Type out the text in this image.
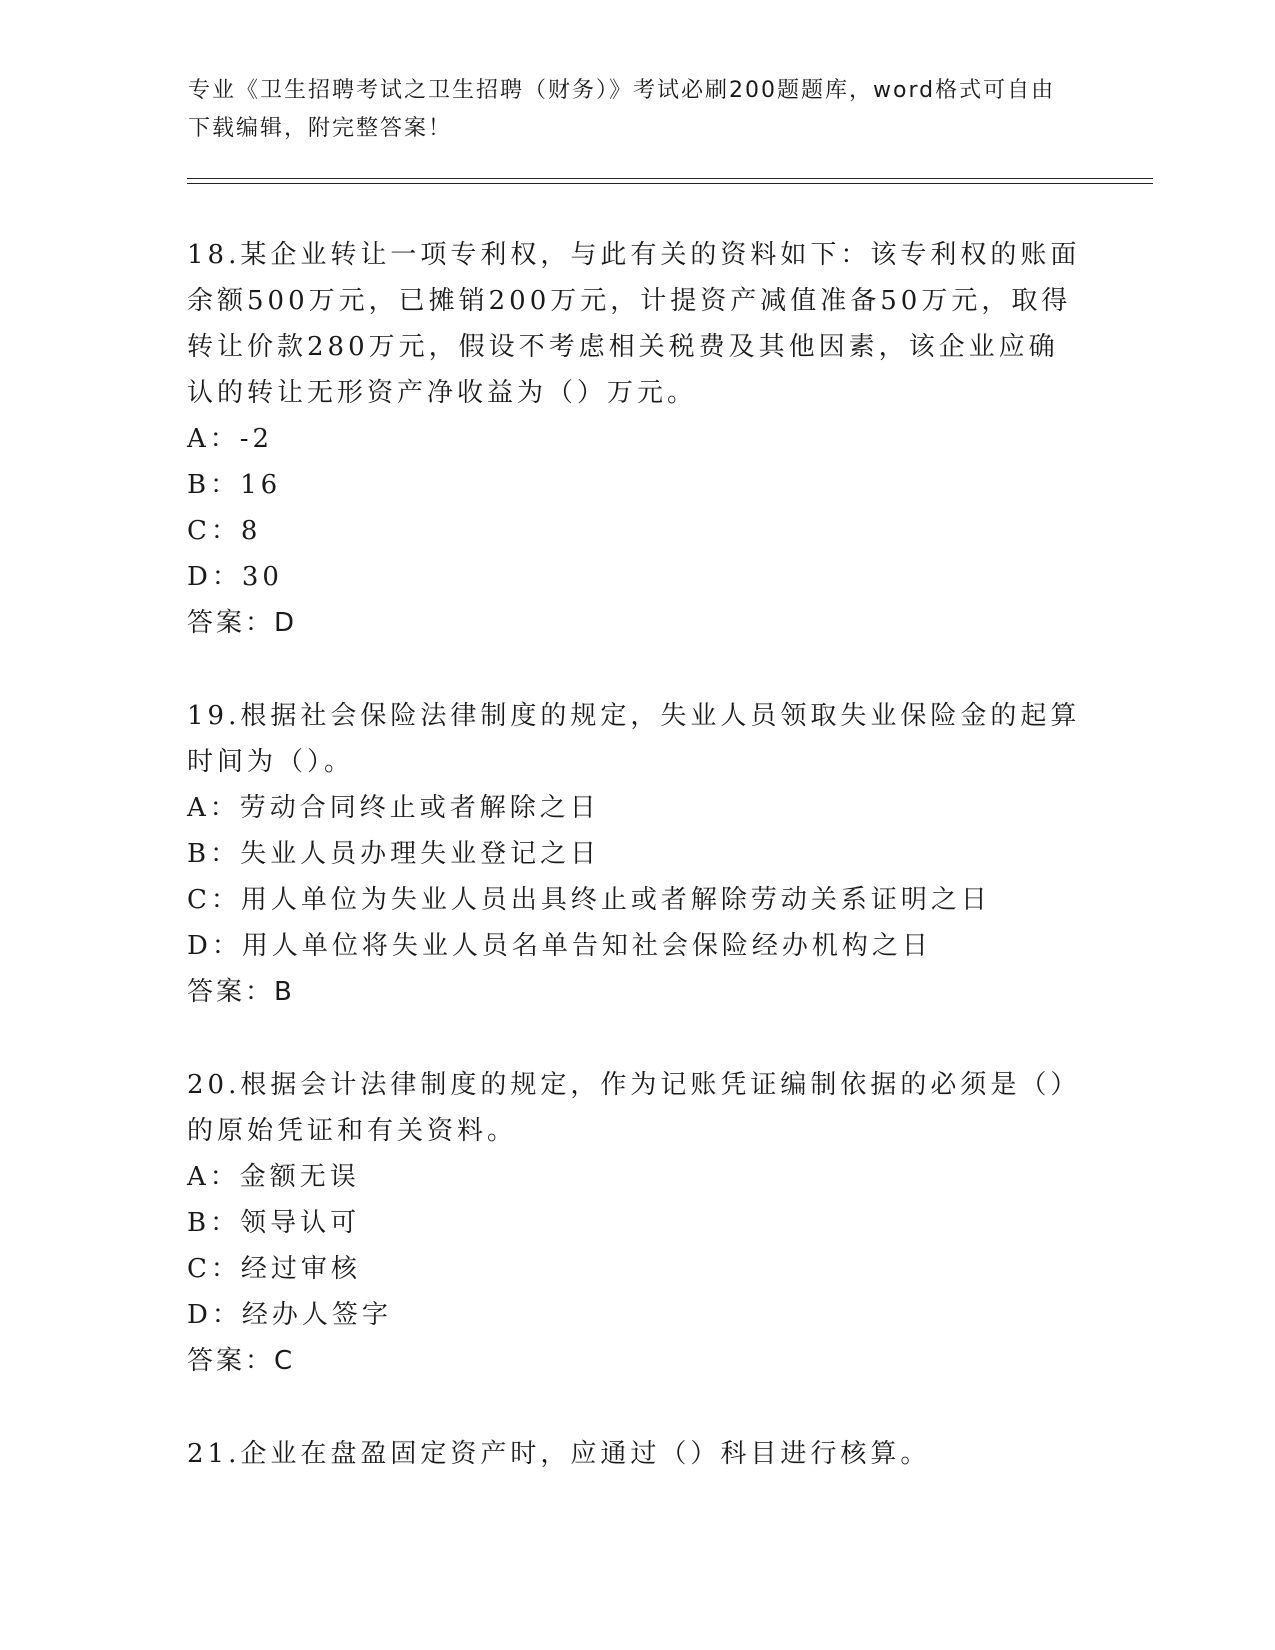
专业《卫生招聘考试之卫生招聘（财务）》考试必刷200题题库，word格式可自由下载编辑，附完整答案！
18.某企业转让一项专利权，与此有关的资料如下：该专利权的账面余额500万元，已摊销200万元，计提资产减值准备50万元，取得转让价款280万元，假设不考虑相关税费及其他因素，该企业应确认的转让无形资产净收益为（）万元。
A：-2
B：16
C：8
D：30
答案：D
19.根据社会保险法律制度的规定，失业人员领取失业保险金的起算时间为（）。
A：劳动合同终止或者解除之日
B：失业人员办理失业登记之日
C：用人单位为失业人员出具终止或者解除劳动关系证明之日
D：用人单位将失业人员名单告知社会保险经办机构之日
答案：B
20.根据会计法律制度的规定，作为记账凭证编制依据的必须是（）的原始凭证和有关资料。
A：金额无误
B：领导认可
C：经过审核
D：经办人签字
答案：C
21.企业在盘盈固定资产时，应通过（）科目进行核算。
